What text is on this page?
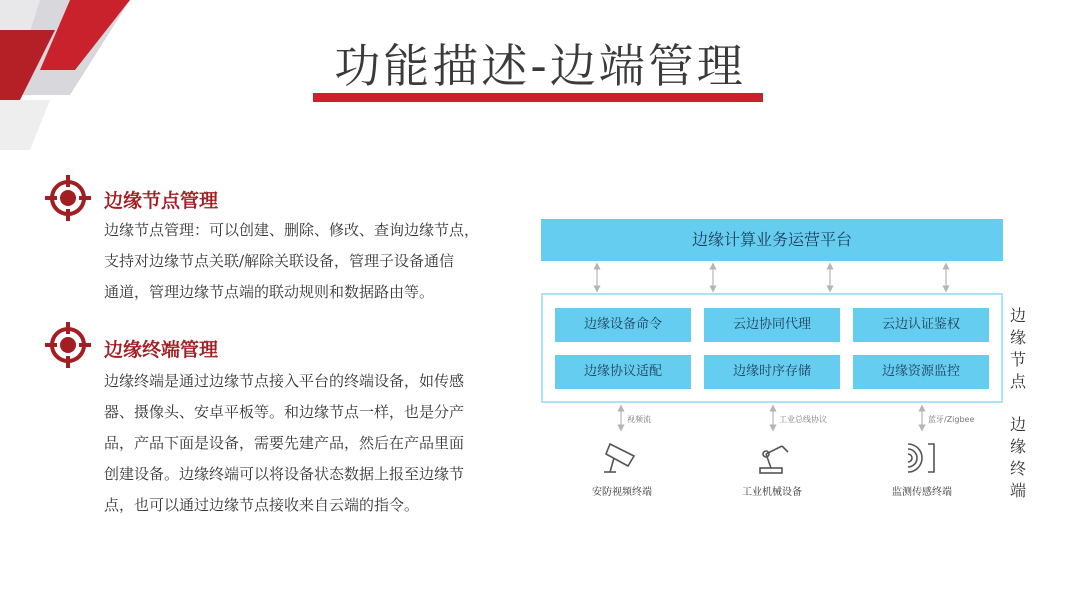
功能描述-边端管理
边缘节点管理
边缘节点管理：可以创建、删除、修改、查询边缘节点，
支持对边缘节点关联/解除关联设备，管理子设备通信
通道，管理边缘节点端的联动规则和数据路由等。
边缘终端管理
边缘终端是通过边缘节点接入平台的终端设备，如传感
器、摄像头、安卓平板等。和边缘节点一样，也是分产
品，产品下面是设备，需要先建产品，然后在产品里面
创建设备。边缘终端可以将设备状态数据上报至边缘节
点，也可以通过边缘节点接收来自云端的指令。
边缘计算业务运营平台
边缘设备命令	云边协同代理	云边认证鉴权
边缘协议适配	边缘时序存储	边缘资源监控
边
缘
节
点
边
缘
终
端
视频流	工业总线协议	蓝牙/Zigbee
安防视频终端	工业机械设备	监测传感终端
